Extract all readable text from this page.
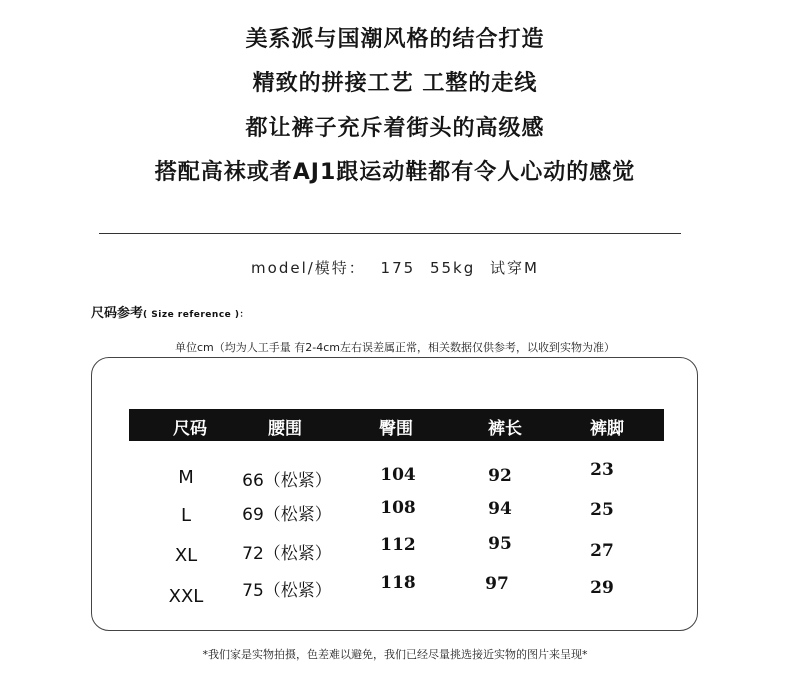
美系派与国潮风格的结合打造
精致的拼接工艺 工整的走线
都让裤子充斥着街头的高级感
搭配高袜或者AJ1跟运动鞋都有令人心动的感觉
model/模特： 175 55kg 试穿M
尺码参考( Size reference )：
单位cm（均为人工手量 有2-4cm左右误差属正常，相关数据仅供参考，以收到实物为准）
尺码	腰围	臀围	裤长	裤脚
M	66（松紧）	104	92	23
L	69（松紧）	108	94	25
XL	72（松紧）	112	95	27
XXL	75（松紧）	118	97	29
*我们家是实物拍摄，色差难以避免，我们已经尽量挑选接近实物的图片来呈现*
